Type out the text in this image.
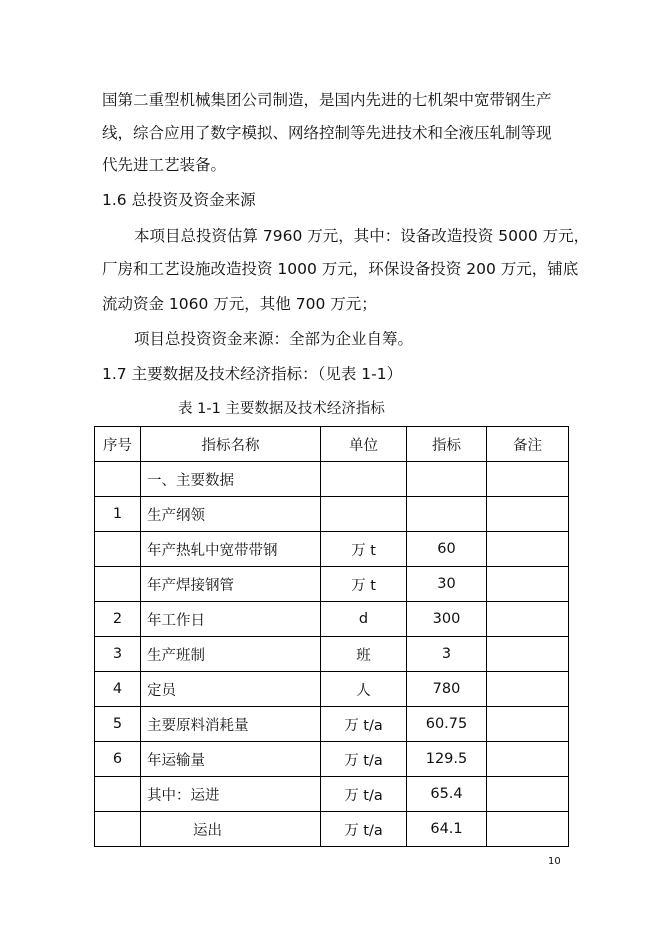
国第二重型机械集团公司制造，是国内先进的七机架中宽带钢生产
线，综合应用了数字模拟、网络控制等先进技术和全液压轧制等现
代先进工艺装备。
1.6 总投资及资金来源
本项目总投资估算 7960 万元，其中：设备改造投资 5000 万元，
厂房和工艺设施改造投资 1000 万元，环保设备投资 200 万元，铺底
流动资金 1060 万元，其他 700 万元；
项目总投资资金来源：全部为企业自筹。
1.7 主要数据及技术经济指标：（见表 1-1）
表 1-1 主要数据及技术经济指标
序号	指标名称	单位	指标	备注
	一、主要数据			
1	生产纲领			
	年产热轧中宽带带钢	万 t	60	
	年产焊接钢管	万 t	30	
2	年工作日	d	300	
3	生产班制	班	3	
4	定员	人	780	
5	主要原料消耗量	万 t/a	60.75	
6	年运输量	万 t/a	129.5	
	其中：运进	万 t/a	65.4	
	运出	万 t/a	64.1	
10
